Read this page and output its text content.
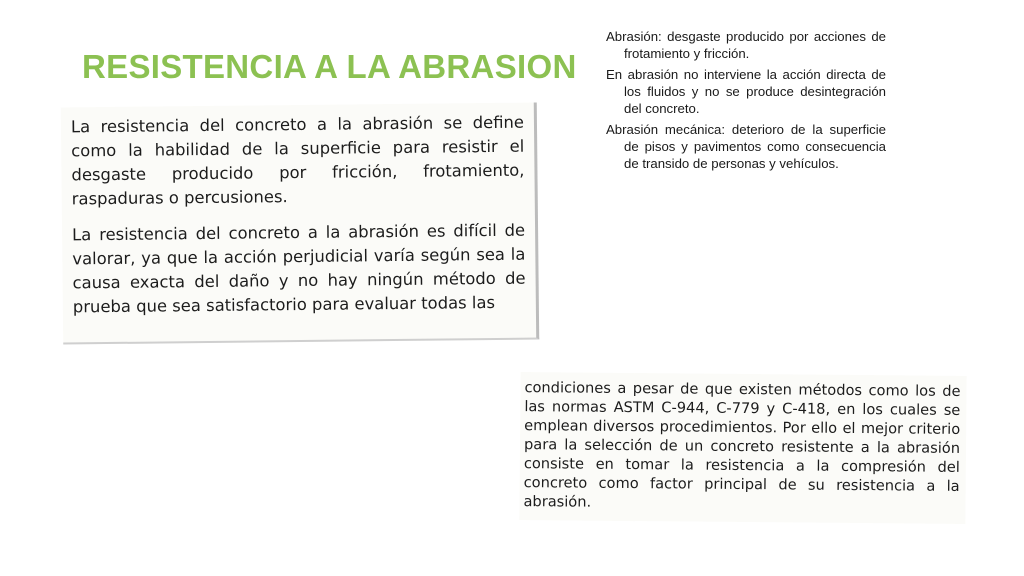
RESISTENCIA A LA ABRASION

Abrasión: desgaste producido por acciones de frotamiento y fricción.

En abrasión no interviene la acción directa de los fluidos y no se produce desintegración del concreto.

Abrasión mecánica: deterioro de la superficie de pisos y pavimentos como consecuencia de transido de personas y vehículos.

La resistencia del concreto a la abrasión se define como la habilidad de la superficie para resistir el desgaste producido por fricción, frotamiento, raspaduras o percusiones.

La resistencia del concreto a la abrasión es difícil de valorar, ya que la acción perjudicial varía según sea la causa exacta del daño y no hay ningún método de prueba que sea satisfactorio para evaluar todas las

condiciones a pesar de que existen métodos como los de las normas ASTM C-944, C-779 y C-418, en los cuales se emplean diversos procedimientos. Por ello el mejor criterio para la selección de un concreto resistente a la abrasión consiste en tomar la resistencia a la compresión del concreto como factor principal de su resistencia a la abrasión.
